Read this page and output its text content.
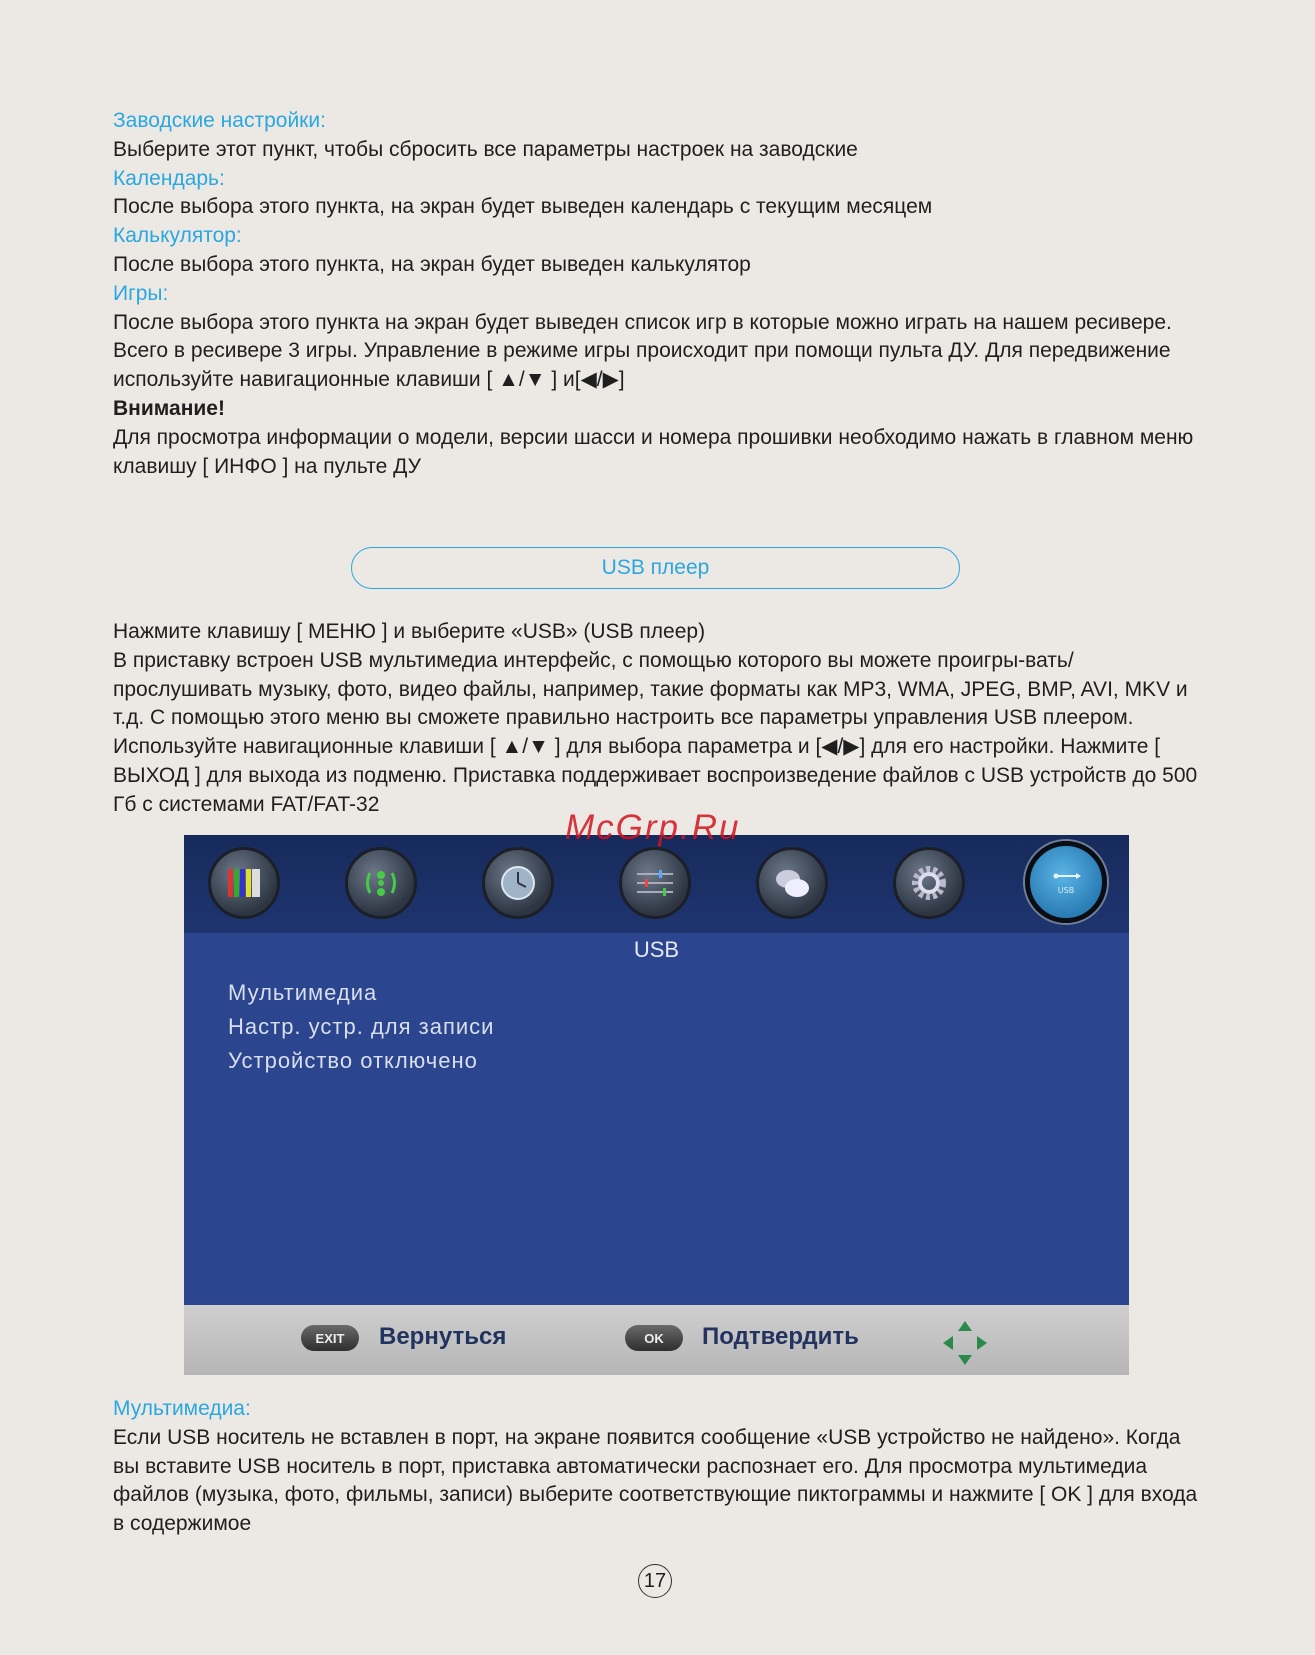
Заводские настройки:
Выберите этот пункт, чтобы сбросить все параметры настроек на заводские
Календарь:
После выбора этого пункта, на экран будет выведен календарь с текущим месяцем
Калькулятор:
После выбора этого пункта, на экран будет выведен калькулятор
Игры:
После выбора этого пункта на экран будет выведен список игр в которые можно играть на нашем ресивере. Всего в ресивере 3 игры. Управление в режиме игры происходит при помощи пульта ДУ. Для передвижение используйте навигационные клавиши [ ▲/▼ ] и[◀/▶]
Внимание!
Для просмотра информации о модели, версии шасси и номера прошивки необходимо нажать в главном меню клавишу [ ИНФО ] на пульте ДУ
USB плеер
Нажмите клавишу [ МЕНЮ ] и выберите «USB» (USB плеер)
В приставку встроен USB мультимедиа интерфейс, с помощью которого вы можете проигры-вать/прослушивать музыку, фото, видео файлы, например, такие форматы как MP3, WMA, JPEG, BMP, AVI, MKV и т.д. С помощью этого меню вы сможете правильно настроить все параметры управления USB плеером. Используйте навигационные клавиши [ ▲/▼ ] для выбора параметра и [◀/▶] для его настройки. Нажмите [ ВЫХОД ] для выхода из подменю. Приставка поддерживает воспроизведение файлов с USB устройств до 500 Гб с системами FAT/FAT-32
USB
USB
Мультимедиа
Настр. устр. для записи
Устройство отключено
EXIT	Вернуться	OK	Подтвердить
McGrp.Ru
Мультимедиа:
Если USB носитель не вставлен в порт, на экране появится сообщение «USB устройство не найдено». Когда вы вставите USB носитель в порт, приставка автоматически распознает его. Для просмотра мультимедиа файлов (музыка, фото, фильмы, записи) выберите соответствующие пиктограммы и нажмите [ OK ] для входа в содержимое
17
